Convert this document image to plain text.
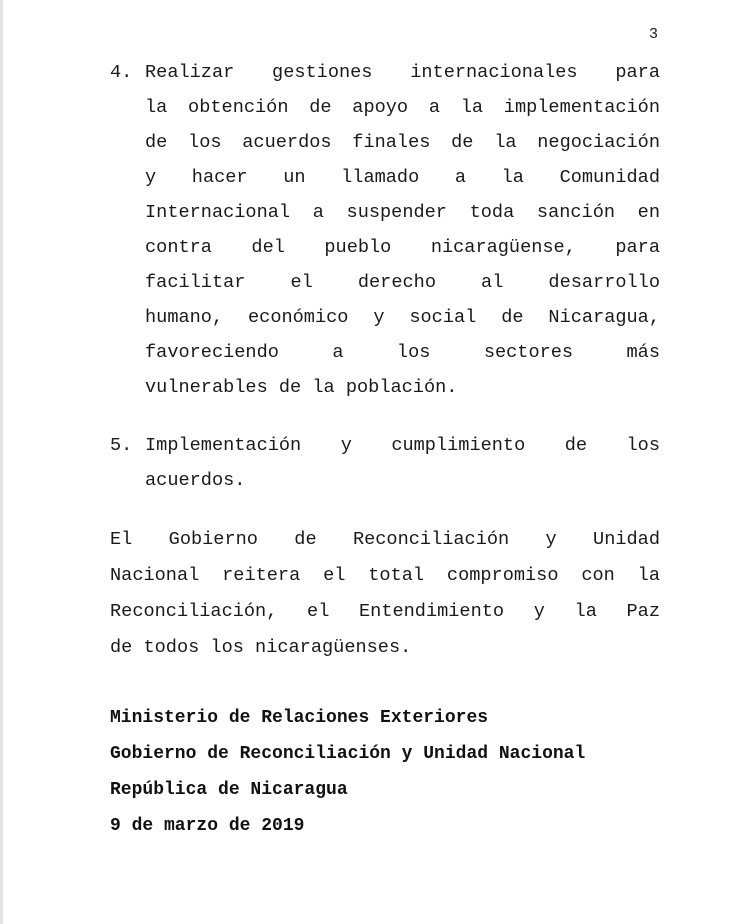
3
4. Realizar gestiones internacionales para
la obtención de apoyo a la implementación
de los acuerdos finales de la negociación
y hacer un llamado a la Comunidad
Internacional a suspender toda sanción en
contra del pueblo nicaragüense, para
facilitar el derecho al desarrollo
humano, económico y social de Nicaragua,
favoreciendo a los sectores más
vulnerables de la población.
5. Implementación y cumplimiento de los
acuerdos.
El Gobierno de Reconciliación y Unidad
Nacional reitera el total compromiso con la
Reconciliación, el Entendimiento y la Paz
de todos los nicaragüenses.
Ministerio de Relaciones Exteriores
Gobierno de Reconciliación y Unidad Nacional
República de Nicaragua
9 de marzo de 2019
